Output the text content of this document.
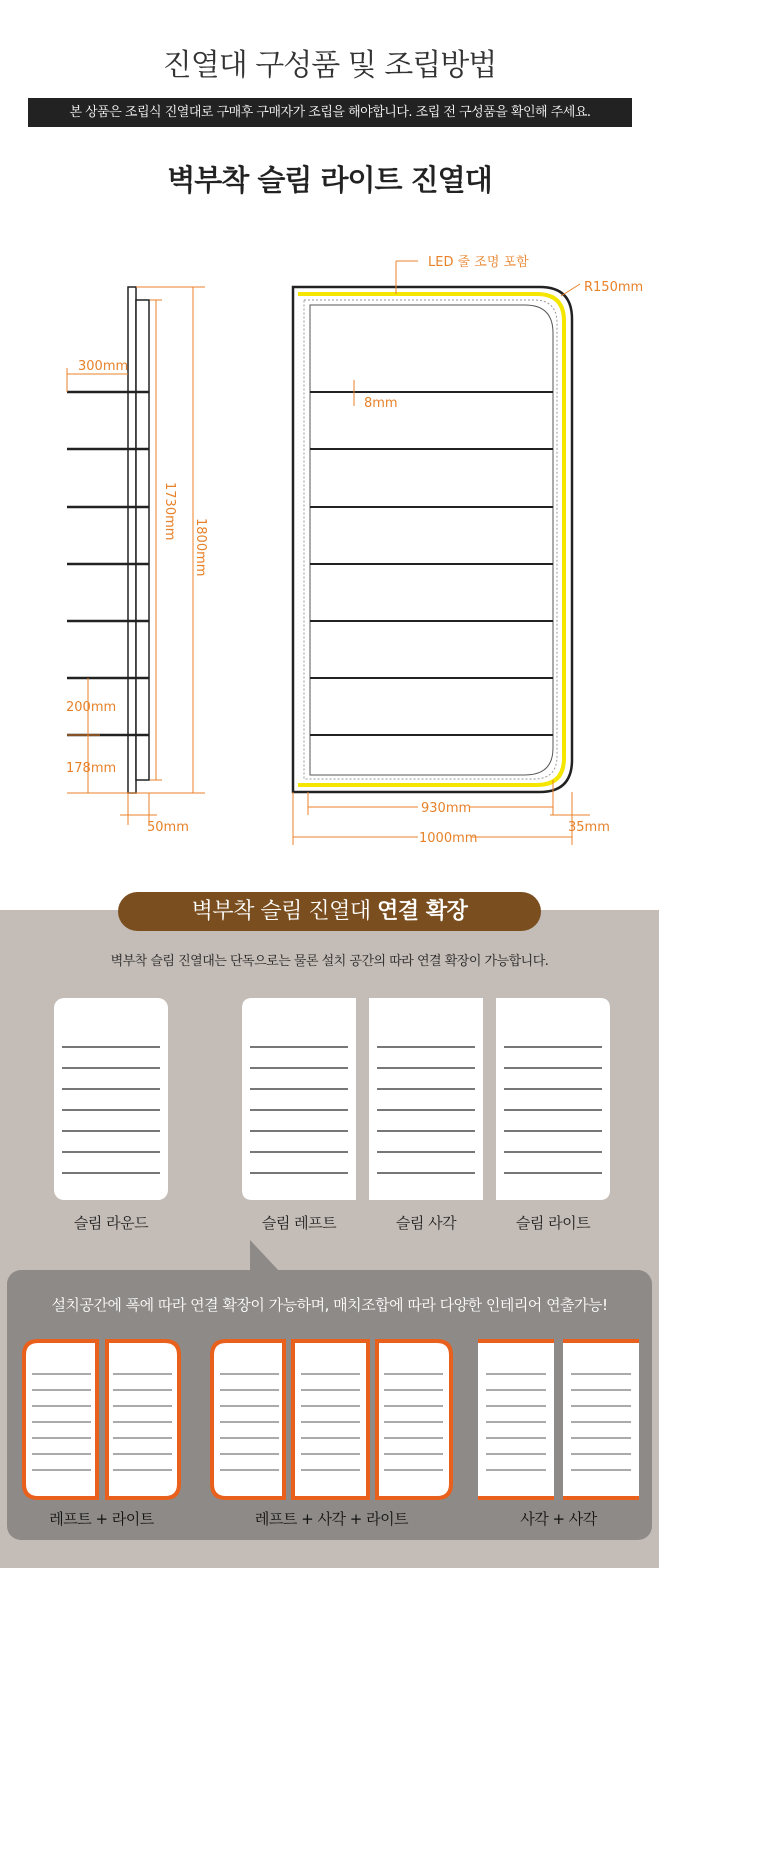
진열대 구성품 및 조립방법
본 상품은 조립식 진열대로 구매후 구매자가 조립을 해야합니다. 조립 전 구성품을 확인해 주세요.
벽부착 슬림 라이트 진열대
300mm
1730mm
1800mm
200mm
178mm
50mm
LED 줄 조명 포함
R150mm
8mm
930mm
1000mm
35mm
벽부착 슬림 진열대 연결 확장
벽부착 슬림 진열대는 단독으로는 물론 설치 공간의 따라 연결 확장이 가능합니다.
슬림 라운드	슬림 레프트	슬림 사각	슬림 라이트
설치공간에 폭에 따라 연결 확장이 가능하며, 매치조합에 따라 다양한 인테리어 연출가능!
레프트 + 라이트	레프트 + 사각 + 라이트	사각 + 사각
